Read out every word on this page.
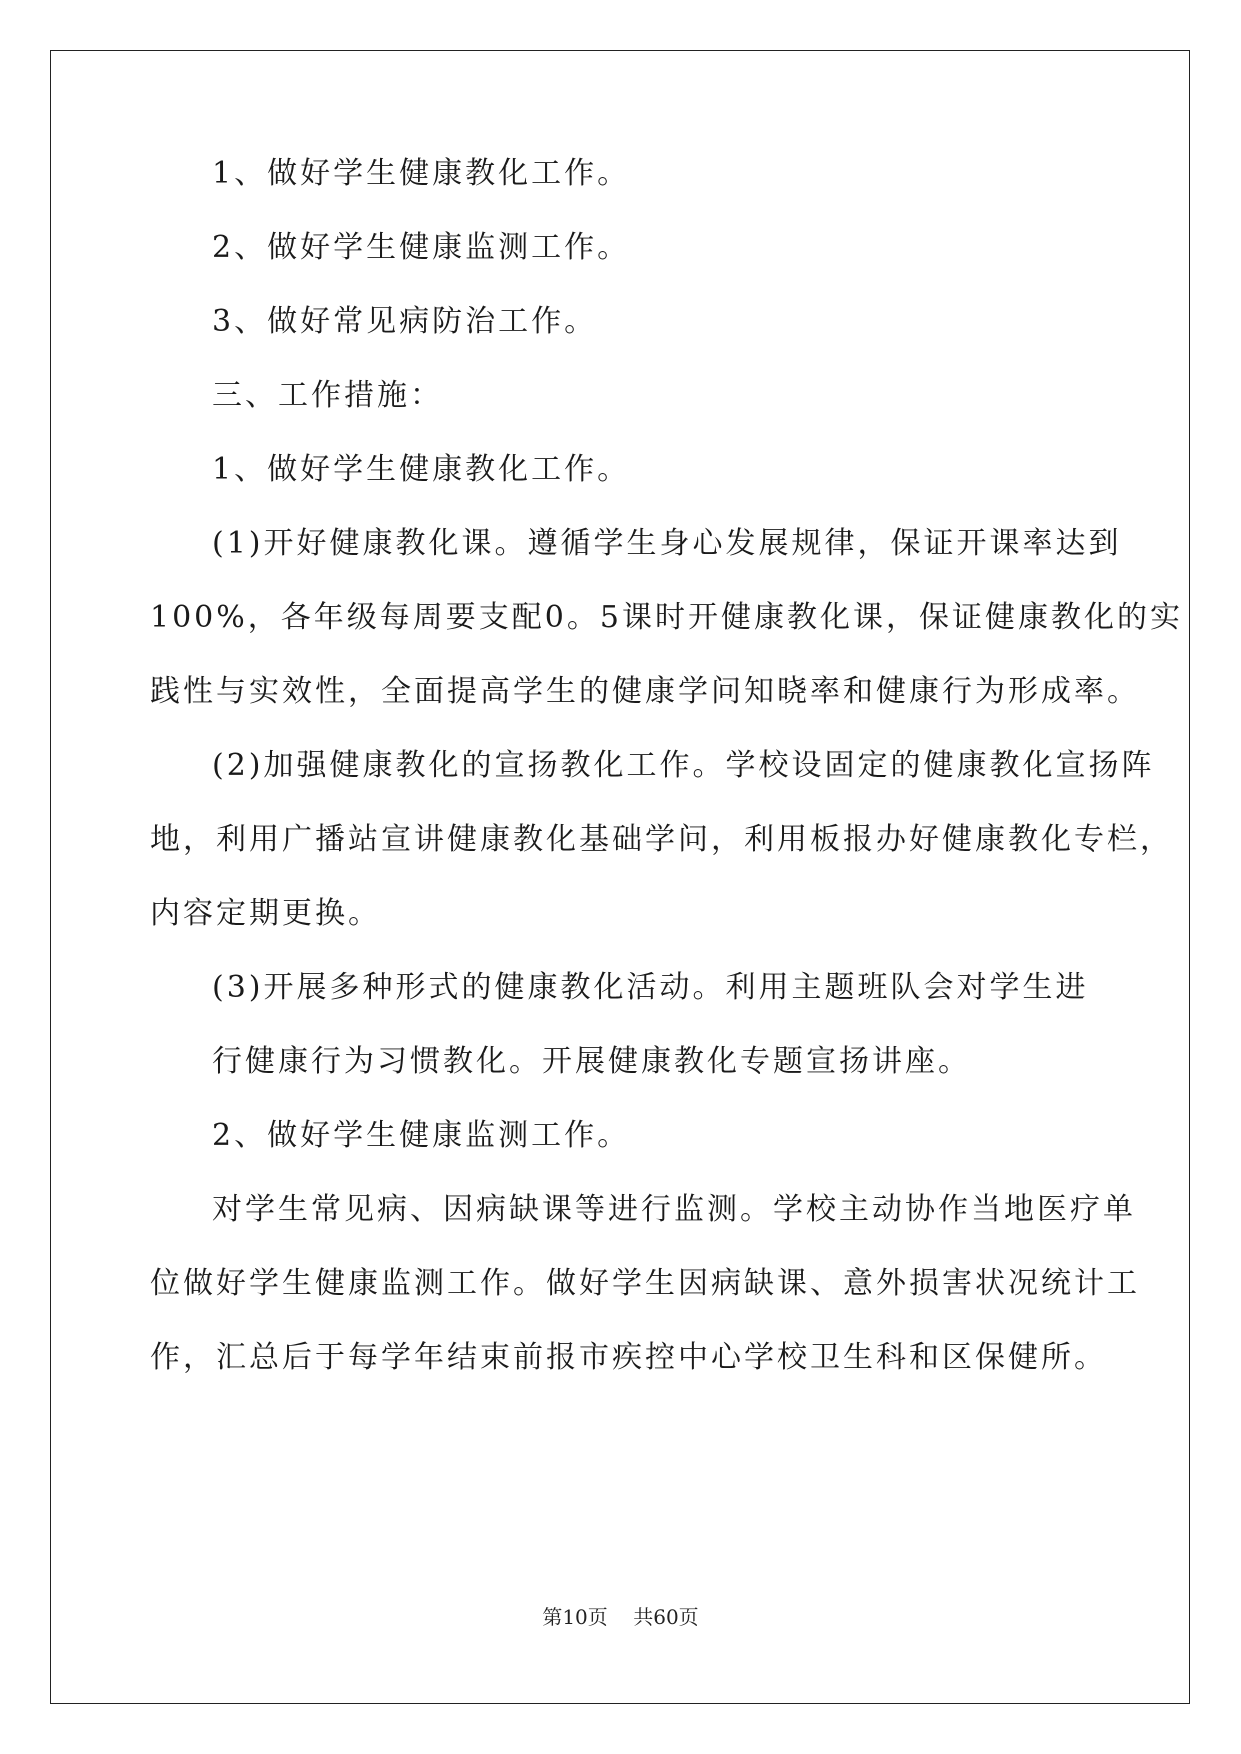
1、做好学生健康教化工作。
2、做好学生健康监测工作。
3、做好常见病防治工作。
三、工作措施：
1、做好学生健康教化工作。
(1)开好健康教化课。遵循学生身心发展规律，保证开课率达到
100%，各年级每周要支配0。5课时开健康教化课，保证健康教化的实
践性与实效性，全面提高学生的健康学问知晓率和健康行为形成率。
(2)加强健康教化的宣扬教化工作。学校设固定的健康教化宣扬阵
地，利用广播站宣讲健康教化基础学问，利用板报办好健康教化专栏，
内容定期更换。
(3)开展多种形式的健康教化活动。利用主题班队会对学生进
行健康行为习惯教化。开展健康教化专题宣扬讲座。
2、做好学生健康监测工作。
对学生常见病、因病缺课等进行监测。学校主动协作当地医疗单
位做好学生健康监测工作。做好学生因病缺课、意外损害状况统计工
作，汇总后于每学年结束前报市疾控中心学校卫生科和区保健所。
第10页 共60页
